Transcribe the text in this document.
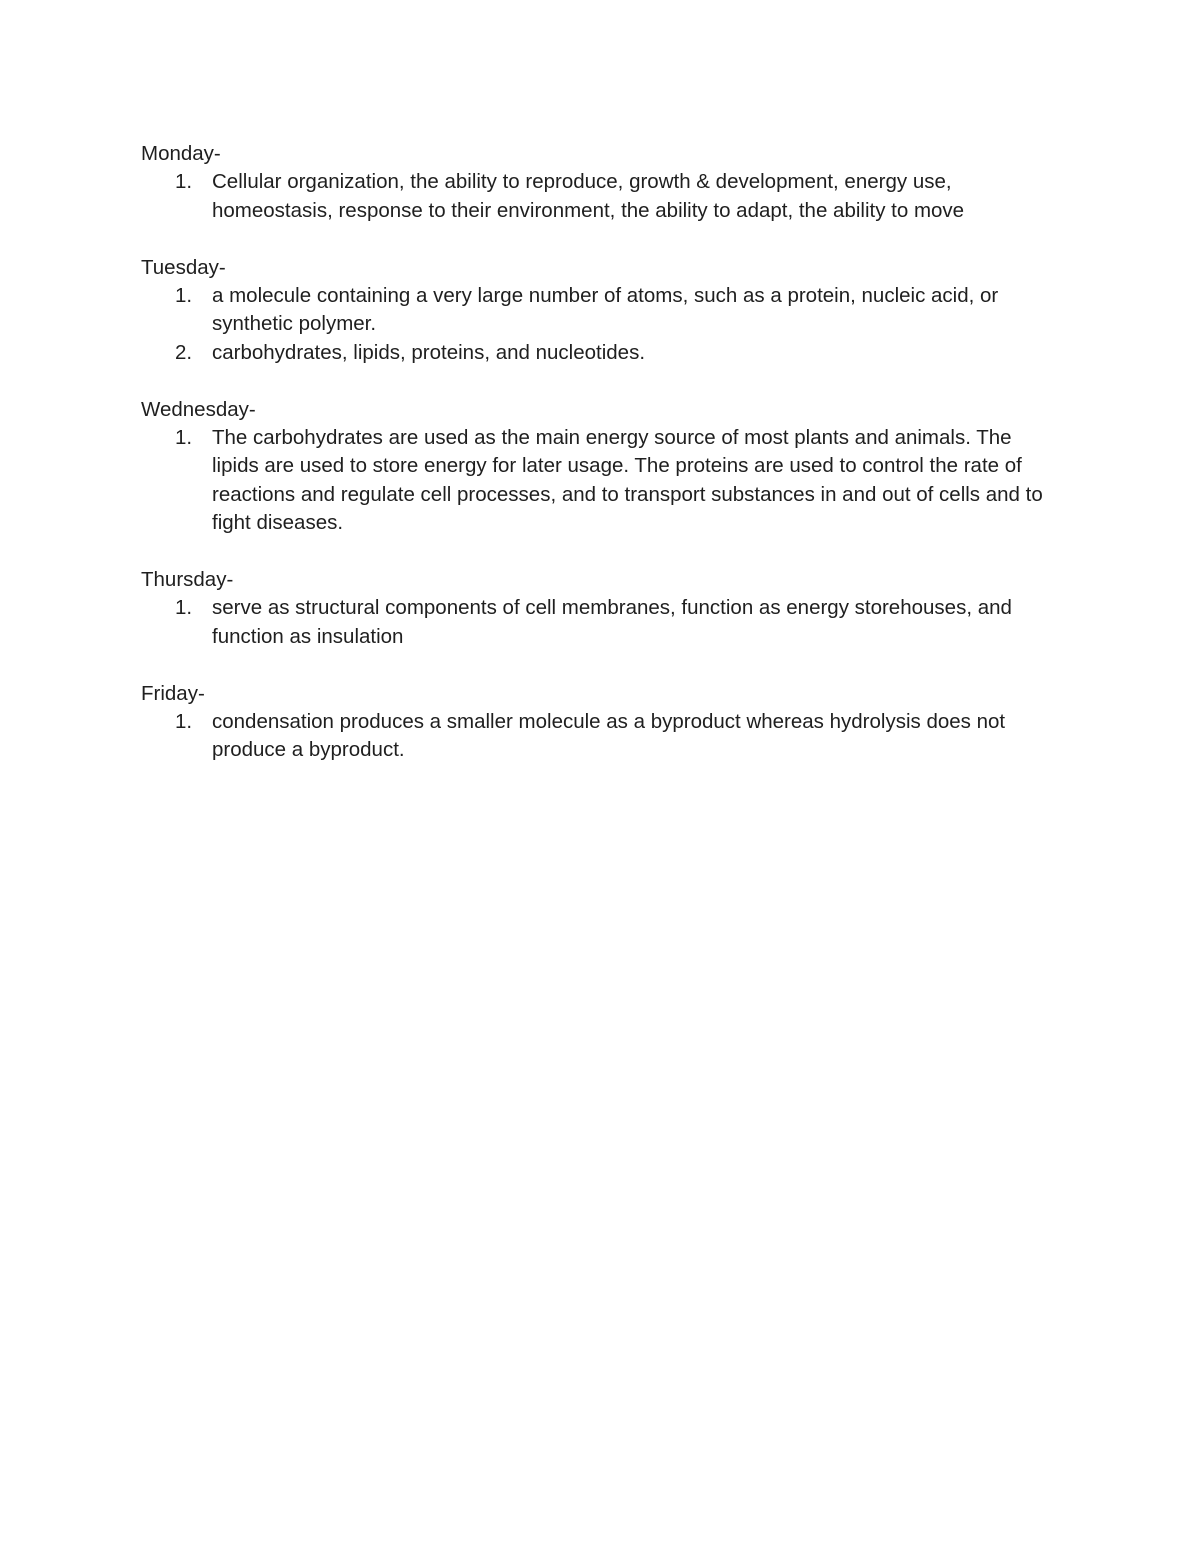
Monday-
1. Cellular organization, the ability to reproduce, growth & development, energy use, homeostasis, response to their environment, the ability to adapt, the ability to move
Tuesday-
1. a molecule containing a very large number of atoms, such as a protein, nucleic acid, or synthetic polymer.
2. carbohydrates, lipids, proteins, and nucleotides.
Wednesday-
1. The carbohydrates are used as the main energy source of most plants and animals. The lipids are used to store energy for later usage. The proteins are used to control the rate of reactions and regulate cell processes, and to transport substances in and out of cells and to fight diseases.
Thursday-
1. serve as structural components of cell membranes, function as energy storehouses, and function as insulation
Friday-
1. condensation produces a smaller molecule as a byproduct whereas hydrolysis does not produce a byproduct.
